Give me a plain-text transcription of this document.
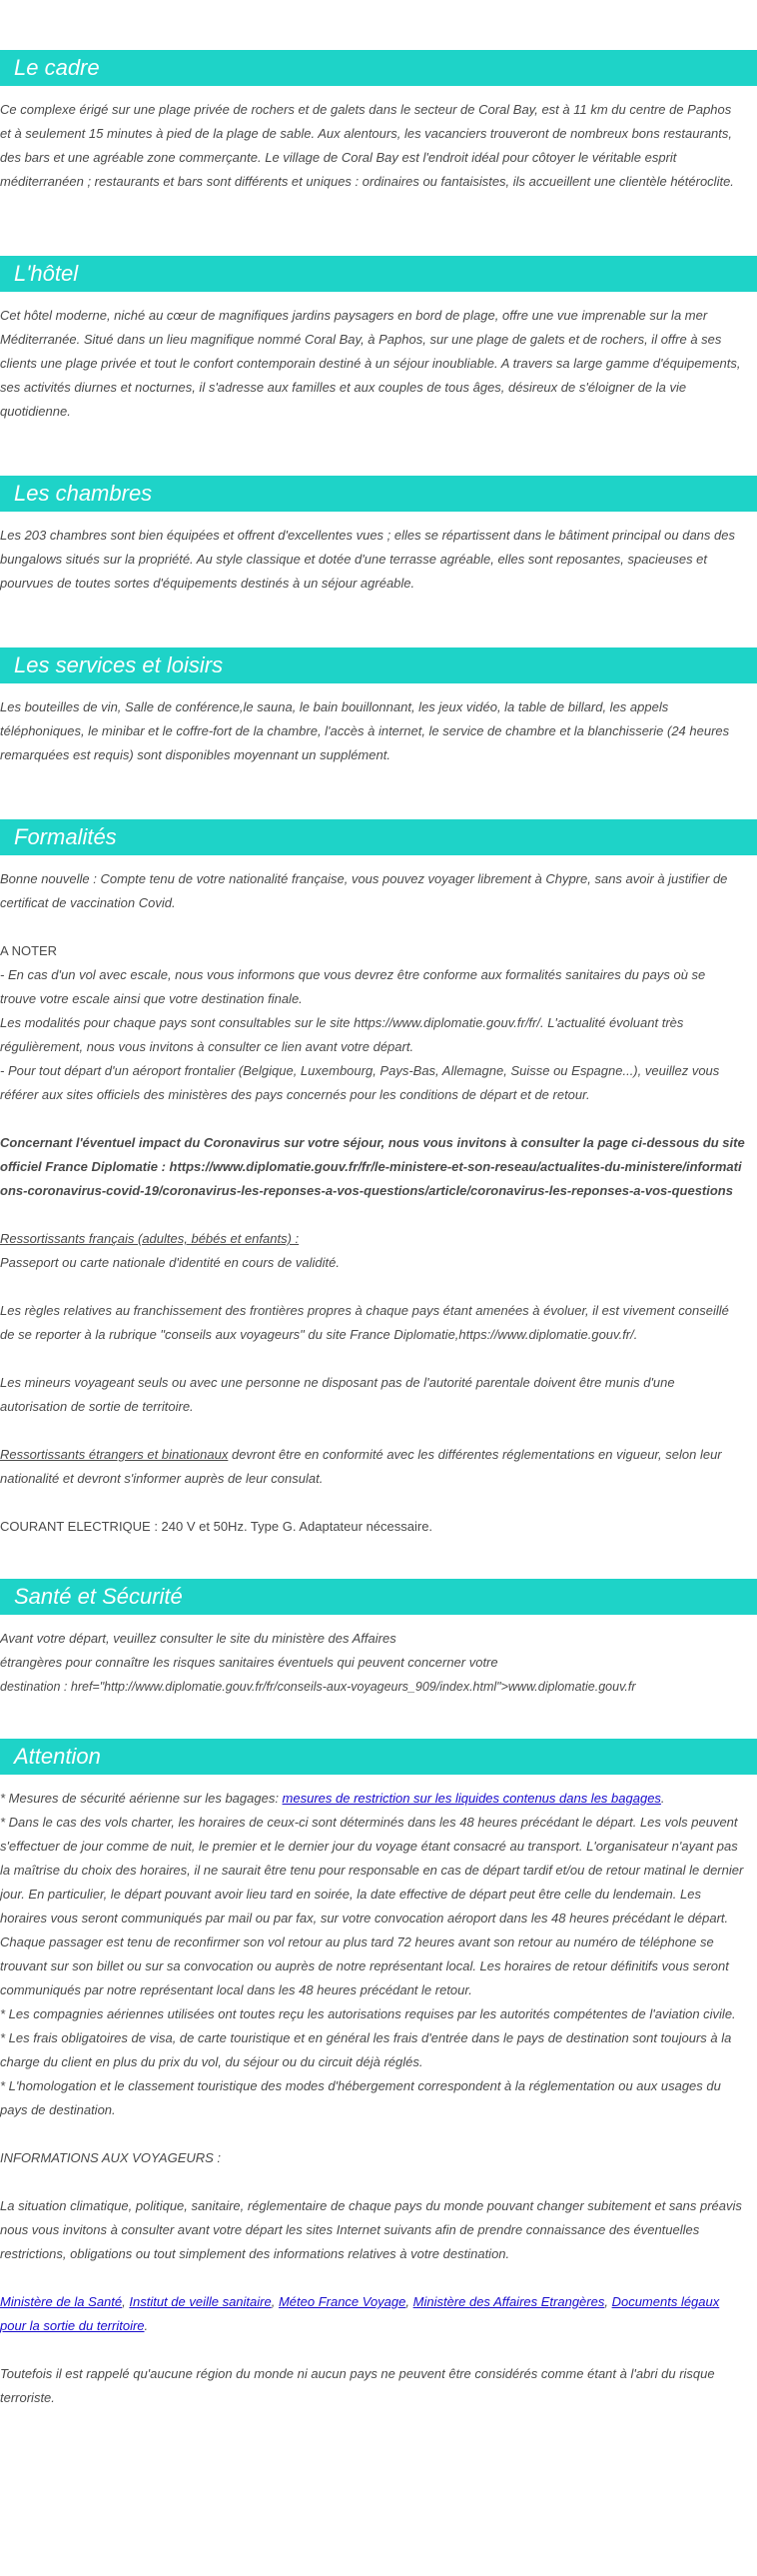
Le cadre
Ce complexe érigé sur une plage privée de rochers et de galets dans le secteur de Coral Bay, est à 11 km du centre de Paphos et à seulement 15 minutes à pied de la plage de sable. Aux alentours, les vacanciers trouveront de nombreux bons restaurants, des bars et une agréable zone commerçante. Le village de Coral Bay est l'endroit idéal pour côtoyer le véritable esprit méditerranéen ; restaurants et bars sont différents et uniques : ordinaires ou fantaisistes, ils accueillent une clientèle hétéroclite.
L'hôtel
Cet hôtel moderne, niché au cœur de magnifiques jardins paysagers en bord de plage, offre une vue imprenable sur la mer Méditerranée. Situé dans un lieu magnifique nommé Coral Bay, à Paphos, sur une plage de galets et de rochers, il offre à ses clients une plage privée et tout le confort contemporain destiné à un séjour inoubliable. A travers sa large gamme d'équipements, ses activités diurnes et nocturnes, il s'adresse aux familles et aux couples de tous âges, désireux de s'éloigner de la vie quotidienne.
Les chambres
Les 203 chambres sont bien équipées et offrent d'excellentes vues ; elles se répartissent dans le bâtiment principal ou dans des bungalows situés sur la propriété. Au style classique et dotée d'une terrasse agréable, elles sont reposantes, spacieuses et pourvues de toutes sortes d'équipements destinés à un séjour agréable.
Les services et loisirs
Les bouteilles de vin, Salle de conférence,le sauna, le bain bouillonnant, les jeux vidéo, la table de billard, les appels téléphoniques, le minibar et le coffre-fort de la chambre, l'accès à internet, le service de chambre et la blanchisserie (24 heures remarquées est requis) sont disponibles moyennant un supplément.
Formalités
Bonne nouvelle : Compte tenu de votre nationalité française, vous pouvez voyager librement à Chypre, sans avoir à justifier de certificat de vaccination Covid.
A NOTER
- En cas d'un vol avec escale, nous vous informons que vous devrez être conforme aux formalités sanitaires du pays où se trouve votre escale ainsi que votre destination finale.
Les modalités pour chaque pays sont consultables sur le site https://www.diplomatie.gouv.fr/fr/. L'actualité évoluant très régulièrement, nous vous invitons à consulter ce lien avant votre départ.
- Pour tout départ d'un aéroport frontalier (Belgique, Luxembourg, Pays-Bas, Allemagne, Suisse ou Espagne...), veuillez vous référer aux sites officiels des ministères des pays concernés pour les conditions de départ et de retour.
Concernant l'éventuel impact du Coronavirus sur votre séjour, nous vous invitons à consulter la page ci-dessous du site officiel France Diplomatie : https://www.diplomatie.gouv.fr/fr/le-ministere-et-son-reseau/actualites-du-ministere/informations-coronavirus-covid-19/coronavirus-les-reponses-a-vos-questions/article/coronavirus-les-reponses-a-vos-questions
Ressortissants français (adultes, bébés et enfants) :
Passeport ou carte nationale d'identité en cours de validité.
Les règles relatives au franchissement des frontières propres à chaque pays étant amenées à évoluer, il est vivement conseillé de se reporter à la rubrique "conseils aux voyageurs" du site France Diplomatie,https://www.diplomatie.gouv.fr/.
Les mineurs voyageant seuls ou avec une personne ne disposant pas de l'autorité parentale doivent être munis d'une autorisation de sortie de territoire.
Ressortissants étrangers et binationaux devront être en conformité avec les différentes réglementations en vigueur, selon leur nationalité et devront s'informer auprès de leur consulat.
COURANT ELECTRIQUE : 240 V et 50Hz. Type G. Adaptateur nécessaire.
Santé et Sécurité
Avant votre départ, veuillez consulter le site du ministère des Affaires
étrangères pour connaître les risques sanitaires éventuels qui peuvent concerner votre
destination : href="http://www.diplomatie.gouv.fr/fr/conseils-aux-voyageurs_909/index.html">www.diplomatie.gouv.fr
Attention
* Mesures de sécurité aérienne sur les bagages: mesures de restriction sur les liquides contenus dans les bagages.
* Dans le cas des vols charter, les horaires de ceux-ci sont déterminés dans les 48 heures précédant le départ. Les vols peuvent s'effectuer de jour comme de nuit, le premier et le dernier jour du voyage étant consacré au transport. L'organisateur n'ayant pas la maîtrise du choix des horaires, il ne saurait être tenu pour responsable en cas de départ tardif et/ou de retour matinal le dernier jour. En particulier, le départ pouvant avoir lieu tard en soirée, la date effective de départ peut être celle du lendemain. Les horaires vous seront communiqués par mail ou par fax, sur votre convocation aéroport dans les 48 heures précédant le départ. Chaque passager est tenu de reconfirmer son vol retour au plus tard 72 heures avant son retour au numéro de téléphone se trouvant sur son billet ou sur sa convocation ou auprès de notre représentant local. Les horaires de retour définitifs vous seront communiqués par notre représentant local dans les 48 heures précédant le retour.
* Les compagnies aériennes utilisées ont toutes reçu les autorisations requises par les autorités compétentes de l'aviation civile.
* Les frais obligatoires de visa, de carte touristique et en général les frais d'entrée dans le pays de destination sont toujours à la charge du client en plus du prix du vol, du séjour ou du circuit déjà réglés.
* L'homologation et le classement touristique des modes d'hébergement correspondent à la réglementation ou aux usages du pays de destination.
INFORMATIONS AUX VOYAGEURS :
La situation climatique, politique, sanitaire, réglementaire de chaque pays du monde pouvant changer subitement et sans préavis nous vous invitons à consulter avant votre départ les sites Internet suivants afin de prendre connaissance des éventuelles restrictions, obligations ou tout simplement des informations relatives à votre destination.
Ministère de la Santé, Institut de veille sanitaire, Méteo France Voyage, Ministère des Affaires Etrangères, Documents légaux pour la sortie du territoire.
Toutefois il est rappelé qu'aucune région du monde ni aucun pays ne peuvent être considérés comme étant à l'abri du risque terroriste.
